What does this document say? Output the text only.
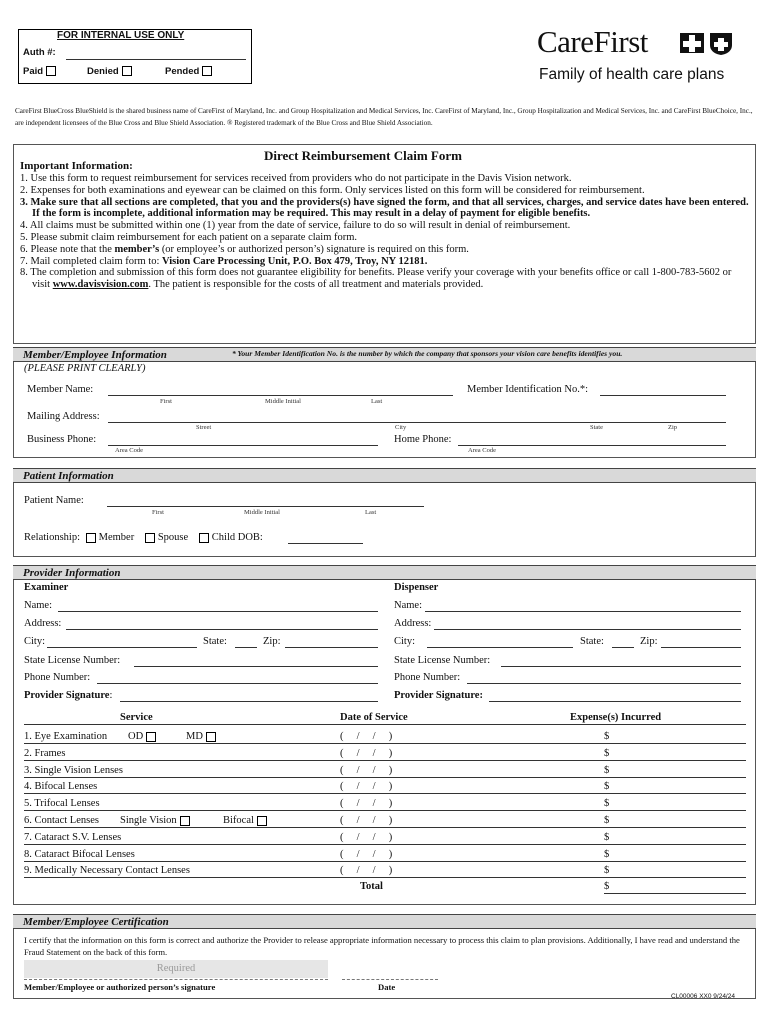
FOR INTERNAL USE ONLY
Auth #:
Paid	Denied	Pended
CareFirst
Family of health care plans
CareFirst BlueCross BlueShield is the shared business name of CareFirst of Maryland, Inc. and Group Hospitalization and Medical Services, Inc. CareFirst of Maryland, Inc., Group Hospitalization and Medical Services, Inc. and CareFirst BlueChoice, Inc., are independent licensees of the Blue Cross and Blue Shield Association. ® Registered trademark of the Blue Cross and Blue Shield Association.
Direct Reimbursement Claim Form
Important Information:
1. Use this form to request reimbursement for services received from providers who do not participate in the Davis Vision network.
2. Expenses for both examinations and eyewear can be claimed on this form. Only services listed on this form will be considered for reimbursement.
3. Make sure that all sections are completed, that you and the providers(s) have signed the form, and that all services, charges, and service dates have been entered. If the form is incomplete, additional information may be required. This may result in a delay of payment for eligible benefits.
4. All claims must be submitted within one (1) year from the date of service, failure to do so will result in denial of reimbursement.
5. Please submit claim reimbursement for each patient on a separate claim form.
6. Please note that the member’s (or employee’s or authorized person’s) signature is required on this form.
7. Mail completed claim form to: Vision Care Processing Unit, P.O. Box 479, Troy, NY 12181.
8. The completion and submission of this form does not guarantee eligibility for benefits. Please verify your coverage with your benefits office or call 1-800-783-5602 or visit www.davisvision.com. The patient is responsible for the costs of all treatment and materials provided.
Member/Employee Information	* Your Member Identification No. is the number by which the company that sponsors your vision care benefits identifies you.
(PLEASE PRINT CLEARLY)
Member Name:
First	Middle Initial	Last
Member Identification No.*:
Mailing Address:
Street	City	State	Zip
Business Phone:
Area Code
Home Phone:
Area Code
Patient Information
Patient Name:
First	Middle Initial	Last
Relationship: Member Spouse Child DOB:
Provider Information
Examiner
Name:
Address:
City:	State:	Zip:
State License Number:
Phone Number:
Provider Signature:
Dispenser
Name:
Address:
City:	State:	Zip:
State License Number:
Phone Number:
Provider Signature:
Service	Date of Service	Expense(s) Incurred
1. Eye Examination OD	MD	(     /     /     )	$
2. Frames	(     /     /     )	$
3. Single Vision Lenses	(     /     /     )	$
4. Bifocal Lenses	(     /     /     )	$
5. Trifocal Lenses	(     /     /     )	$
6. Contact Lenses Single Vision	Bifocal	(     /     /     )	$
7. Cataract S.V. Lenses	(     /     /     )	$
8. Cataract Bifocal Lenses	(     /     /     )	$
9. Medically Necessary Contact Lenses	(     /     /     )	$
Total	$
Member/Employee Certification
I certify that the information on this form is correct and authorize the Provider to release appropriate information necessary to process this claim to plan provisions. Additionally, I have read and understand the Fraud Statement on the back of this form.
Required
Member/Employee or authorized person’s signature	Date
CL00006 XX0 9/24/24
